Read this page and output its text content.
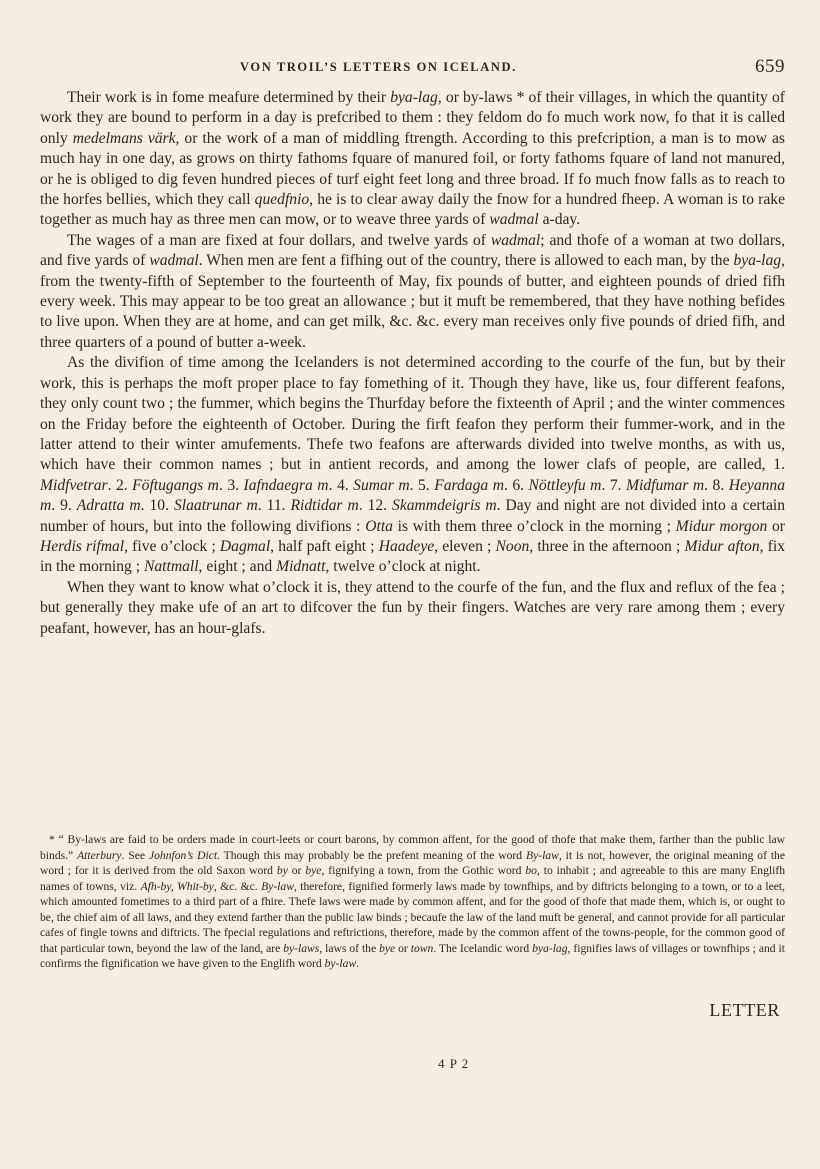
VON TROIL’S LETTERS ON ICELAND.	659

Their work is in fome meafure determined by their bya-lag, or by-laws * of their villages, in which the quantity of work they are bound to perform in a day is prefcribed to them : they feldom do fo much work now, fo that it is called only medelmans värk, or the work of a man of middling ftrength. According to this prefcription, a man is to mow as much hay in one day, as grows on thirty fathoms fquare of manured foil, or forty fathoms fquare of land not manured, or he is obliged to dig feven hundred pieces of turf eight feet long and three broad. If fo much fnow falls as to reach to the horfes bellies, which they call quedfnio, he is to clear away daily the fnow for a hundred fheep. A woman is to rake together as much hay as three men can mow, or to weave three yards of wadmal a-day.

The wages of a man are fixed at four dollars, and twelve yards of wadmal; and thofe of a woman at two dollars, and five yards of wadmal. When men are fent a fifhing out of the country, there is allowed to each man, by the bya-lag, from the twenty-fifth of September to the fourteenth of May, fix pounds of butter, and eighteen pounds of dried fifh every week. This may appear to be too great an allowance ; but it muft be remembered, that they have nothing befides to live upon. When they are at home, and can get milk, &c. &c. every man receives only five pounds of dried fifh, and three quarters of a pound of butter a-week.

As the divifion of time among the Icelanders is not determined according to the courfe of the fun, but by their work, this is perhaps the moft proper place to fay fomething of it. Though they have, like us, four different feafons, they only count two ; the fummer, which begins the Thurfday before the fixteenth of April ; and the winter commences on the Friday before the eighteenth of October. During the firft feafon they perform their fummer-work, and in the latter attend to their winter amufements. Thefe two feafons are afterwards divided into twelve months, as with us, which have their common names ; but in antient records, and among the lower clafs of people, are called, 1. Midfvetrar. 2. Föftugangs m. 3. Iafndaegra m. 4. Sumar m. 5. Fardaga m. 6. Nöttleyfu m. 7. Midfumar m. 8. Heyanna m. 9. Adratta m. 10. Slaatrunar m. 11. Ridtidar m. 12. Skammdeigris m. Day and night are not divided into a certain number of hours, but into the following divifions : Otta is with them three o’clock in the morning ; Midur morgon or Herdis rifmal, five o’clock ; Dagmal, half paft eight ; Haadeye, eleven ; Noon, three in the afternoon ; Midur afton, fix in the morning ; Nattmall, eight ; and Midnatt, twelve o’clock at night.

When they want to know what o’clock it is, they attend to the courfe of the fun, and the flux and reflux of the fea ; but generally they make ufe of an art to difcover the fun by their fingers. Watches are very rare among them ; every peafant, however, has an hour-glafs.

* “ By-laws are faid to be orders made in court-leets or court barons, by common affent, for the good of thofe that make them, farther than the public law binds.” Atterbury. See Johnfon’s Dict. Though this may probably be the prefent meaning of the word By-law, it is not, however, the original meaning of the word ; for it is derived from the old Saxon word by or bye, fignifying a town, from the Gothic word bo, to inhabit ; and agreeable to this are many Englifh names of towns, viz. Afh-by, Whit-by, &c. &c. By-law, therefore, fignified formerly laws made by townfhips, and by diftricts belonging to a town, or to a leet, which amounted fometimes to a third part of a fhire. Thefe laws were made by common affent, and for the good of thofe that made them, which is, or ought to be, the chief aim of all laws, and they extend farther than the public law binds ; becaufe the law of the land muft be general, and cannot provide for all particular cafes of fingle towns and diftricts. The fpecial regulations and reftrictions, therefore, made by the common affent of the towns-people, for the common good of that particular town, beyond the law of the land, are by-laws, laws of the bye or town. The Icelandic word bya-lag, fignifies laws of villages or townfhips ; and it confirms the fignification we have given to the Englifh word by-law.

4 P 2
LETTER
